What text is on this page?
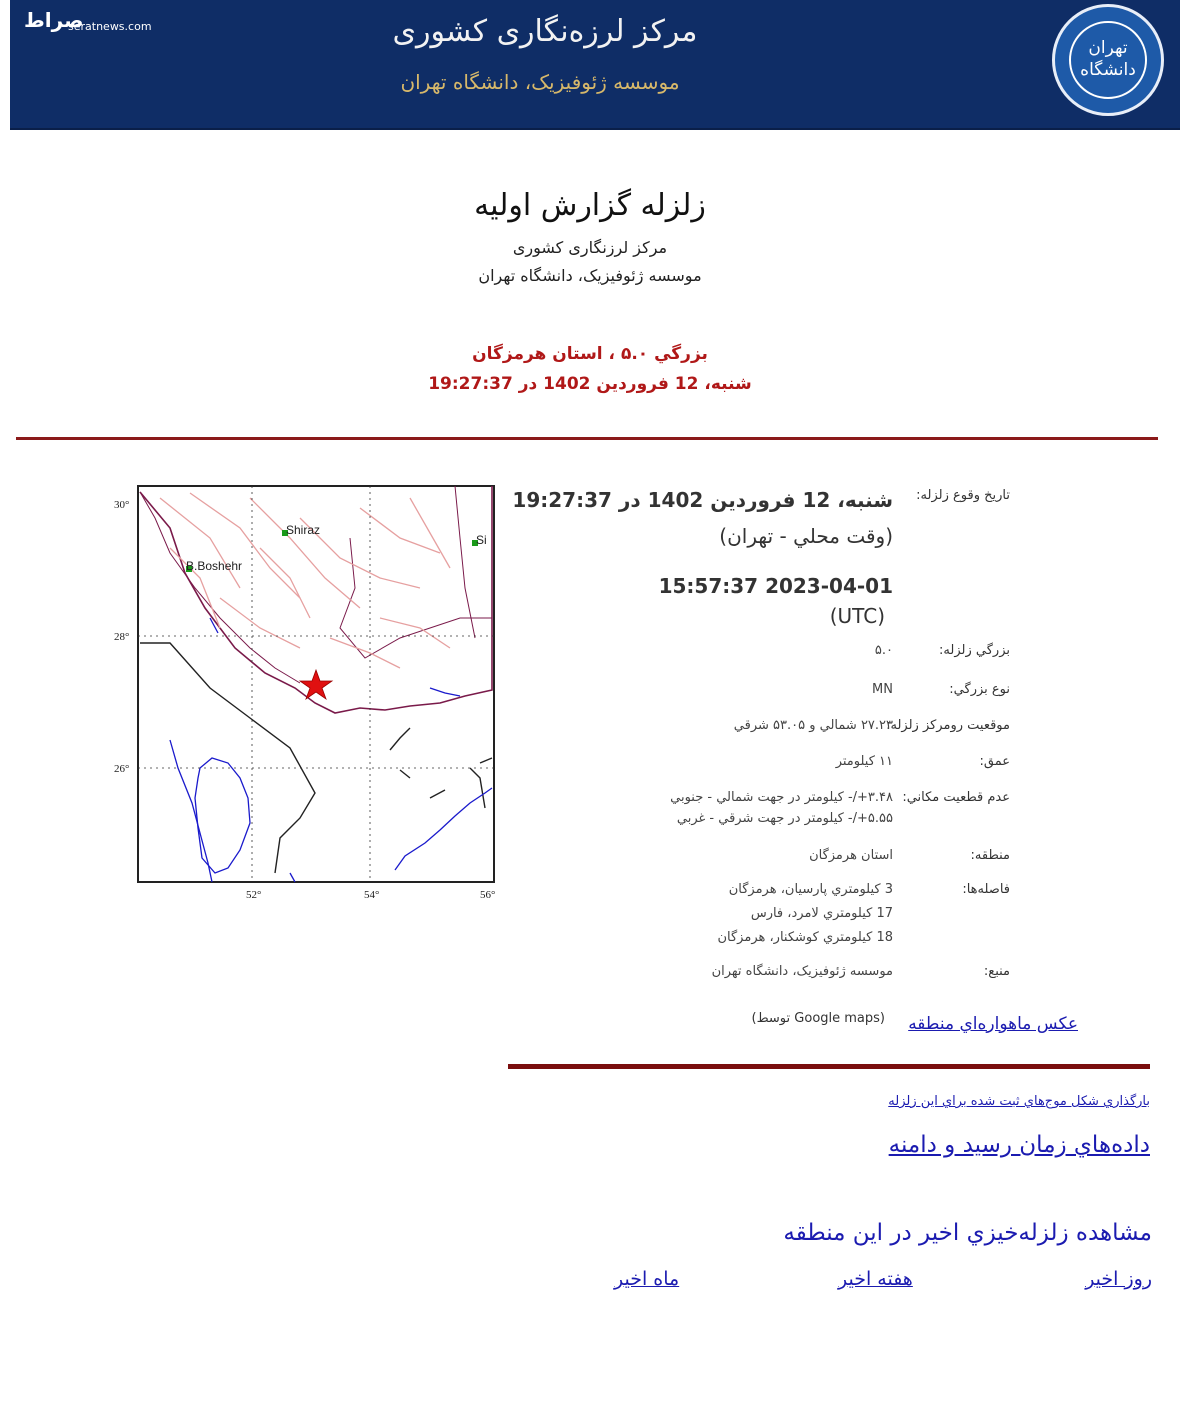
صراط
seratnews.com	مرکز لرزەنگاری کشوری
موسسه ژئوفیزیک، دانشگاه تهران
تهران دانشگاه
زلزله گزارش اولیه
مرکز لرزنگاری کشوری
موسسه ژئوفیزیک، دانشگاه تهران
بزرگي ۵.۰ ، استان هرمزگان
شنبه، 12 فروردين 1402 در 19:27:37
Shiraz
B.Boshehr
Si
30°
28°
26°
52°	54°	56°
تاريخ وقوع زلزله:
شنبه، 12 فروردين 1402 در 19:27:37
(وقت محلي - تهران)
2023-04-01 15:57:37
(UTC)
بزرگي زلزله:
۵.۰
نوع بزرگي:
MN
موقعيت رومرکز زلزله:
۲۷.۲۳ شمالي و ۵۳.۰۵ شرقي
عمق:
۱۱ کیلومتر
عدم قطعيت مکاني:
۳.۴۸+/- کيلومتر در جهت شمالي - جنوبي
۵.۵۵+/- کيلومتر در جهت شرقي - غربي
منطقه:
استان هرمزگان
فاصله‌ها:
3 کيلومتري پارسيان، هرمزگان
17 کيلومتري لامرد، فارس
18 کيلومتري کوشکنار، هرمزگان
منبع:
موسسه ژئوفيزيک، دانشگاه تهران
عکس ماهواره‌اي منطقه
(توسط Google maps)
بارگذاري شکل موج‌هاي ثبت شده براي اين زلزله
داده‌هاي زمان رسيد و دامنه
مشاهده زلزله‌خيزي اخير در اين منطقه
روز اخير
هفته اخير
ماه اخير
